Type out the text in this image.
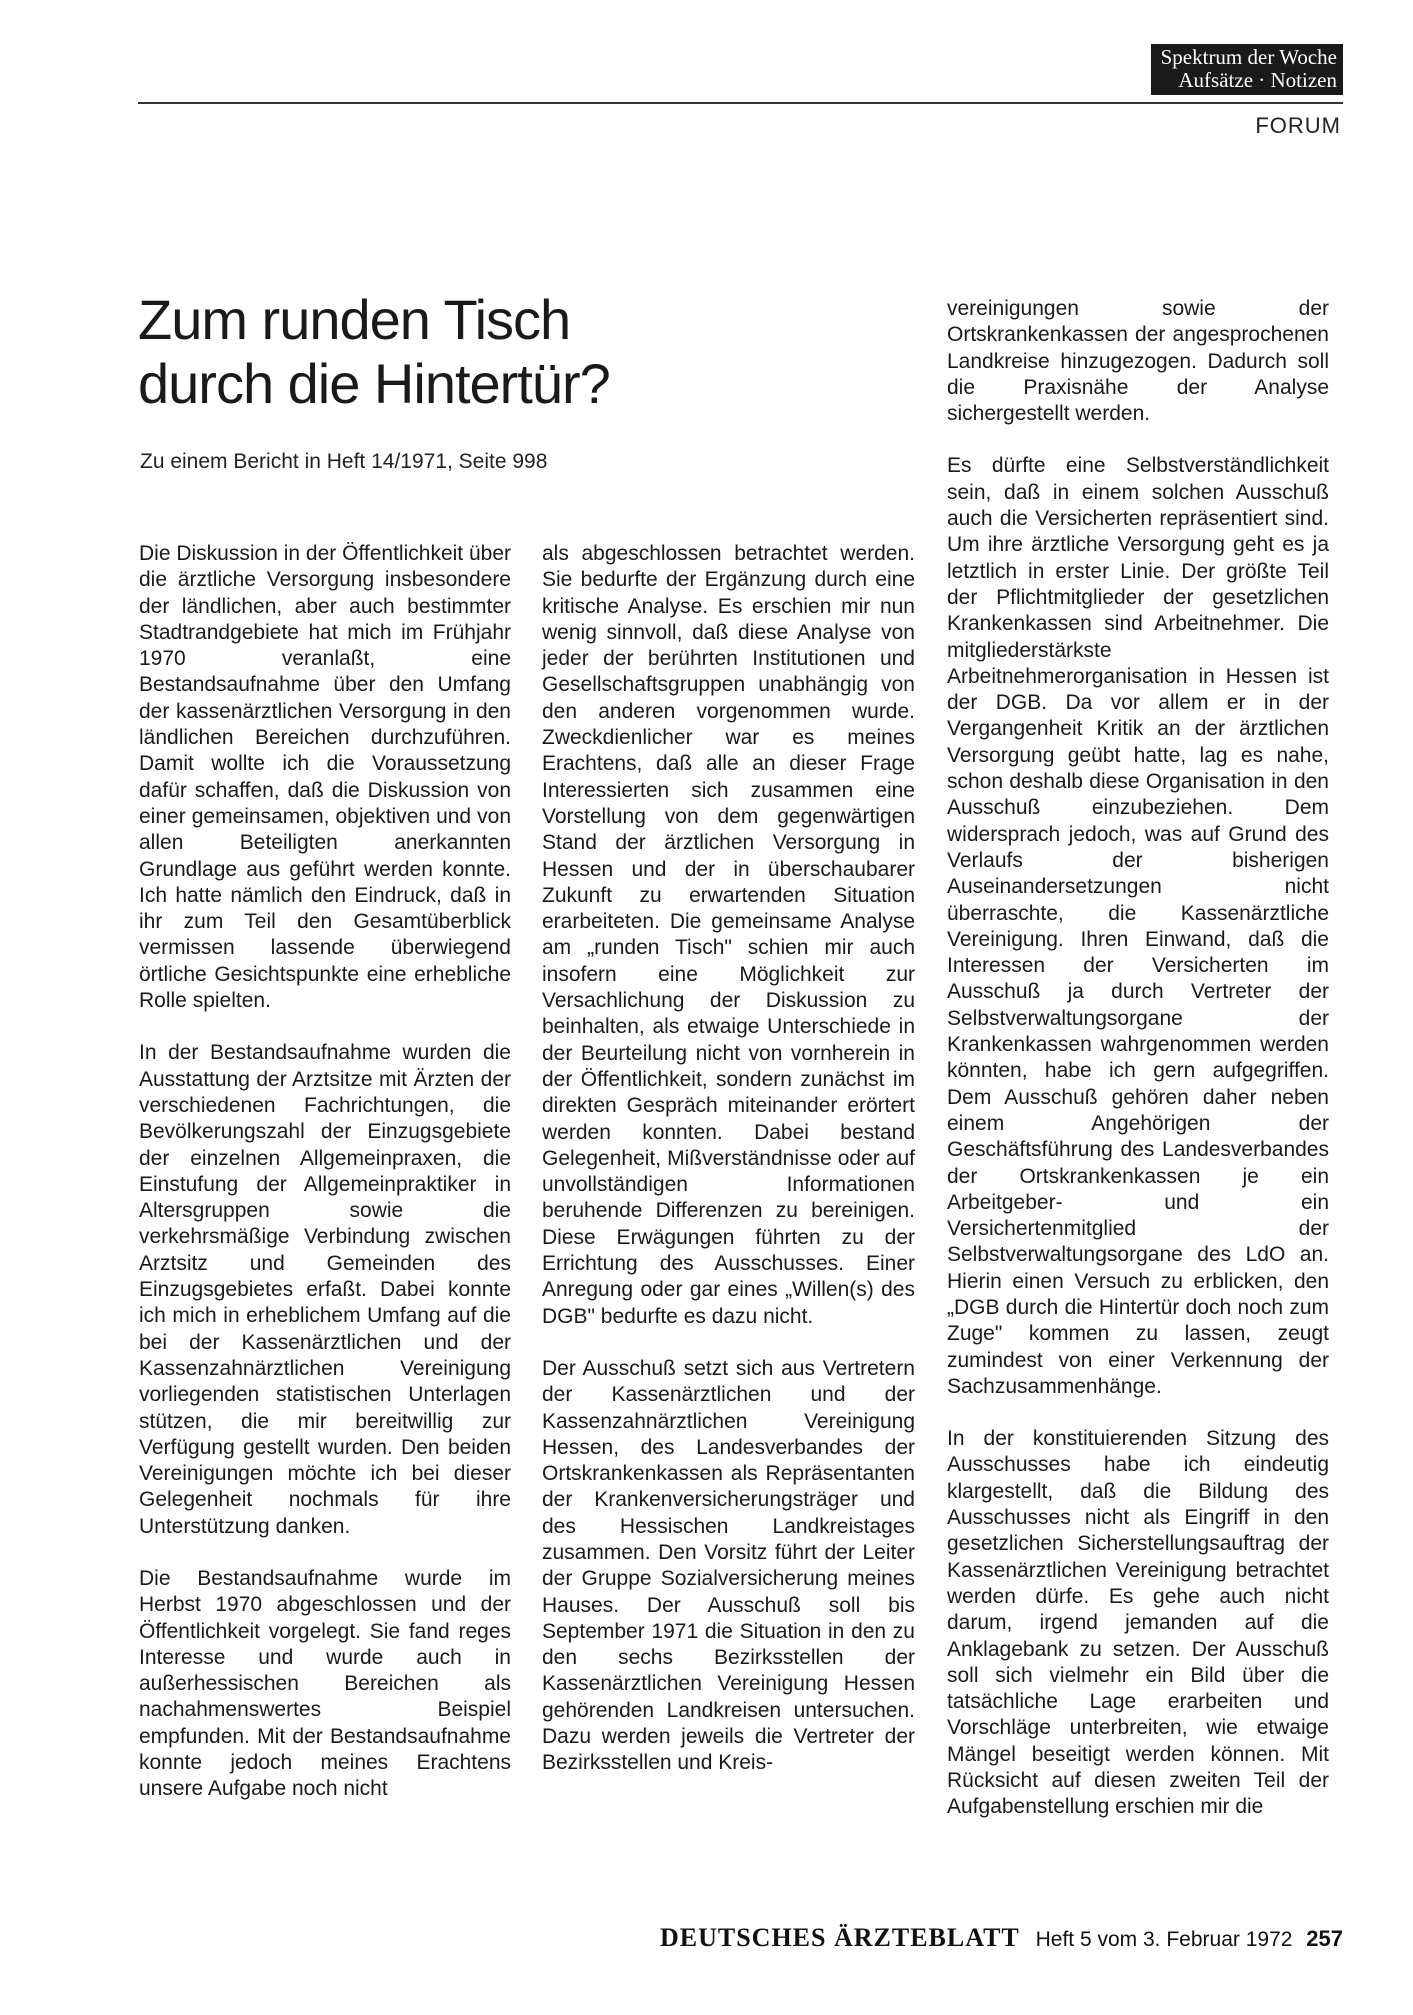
Spektrum der Woche
Aufsätze · Notizen
FORUM
Zum runden Tisch
durch die Hintertür?
Zu einem Bericht in Heft 14/1971, Seite 998

Die Diskussion in der Öffentlichkeit über die ärztliche Versorgung insbesondere der ländlichen, aber auch bestimmter Stadtrandgebiete hat mich im Frühjahr 1970 veranlaßt, eine Bestandsaufnahme über den Umfang der kassenärztlichen Versorgung in den ländlichen Bereichen durchzuführen. Damit wollte ich die Voraussetzung dafür schaffen, daß die Diskussion von einer gemeinsamen, objektiven und von allen Beteiligten anerkannten Grundlage aus geführt werden konnte. Ich hatte nämlich den Eindruck, daß in ihr zum Teil den Gesamtüberblick vermissen lassende überwiegend örtliche Gesichtspunkte eine erhebliche Rolle spielten.

In der Bestandsaufnahme wurden die Ausstattung der Arztsitze mit Ärzten der verschiedenen Fachrichtungen, die Bevölkerungszahl der Einzugsgebiete der einzelnen Allgemeinpraxen, die Einstufung der Allgemeinpraktiker in Altersgruppen sowie die verkehrsmäßige Verbindung zwischen Arztsitz und Gemeinden des Einzugsgebietes erfaßt. Dabei konnte ich mich in erheblichem Umfang auf die bei der Kassenärztlichen und der Kassenzahnärztlichen Vereinigung vorliegenden statistischen Unterlagen stützen, die mir bereitwillig zur Verfügung gestellt wurden. Den beiden Vereinigungen möchte ich bei dieser Gelegenheit nochmals für ihre Unterstützung danken.

Die Bestandsaufnahme wurde im Herbst 1970 abgeschlossen und der Öffentlichkeit vorgelegt. Sie fand reges Interesse und wurde auch in außerhessischen Bereichen als nachahmenswertes Beispiel empfunden. Mit der Bestandsaufnahme konnte jedoch meines Erachtens unsere Aufgabe noch nicht

als abgeschlossen betrachtet werden. Sie bedurfte der Ergänzung durch eine kritische Analyse. Es erschien mir nun wenig sinnvoll, daß diese Analyse von jeder der berührten Institutionen und Gesellschaftsgruppen unabhängig von den anderen vorgenommen wurde. Zweckdienlicher war es meines Erachtens, daß alle an dieser Frage Interessierten sich zusammen eine Vorstellung von dem gegenwärtigen Stand der ärztlichen Versorgung in Hessen und der in überschaubarer Zukunft zu erwartenden Situation erarbeiteten. Die gemeinsame Analyse am „runden Tisch" schien mir auch insofern eine Möglichkeit zur Versachlichung der Diskussion zu beinhalten, als etwaige Unterschiede in der Beurteilung nicht von vornherein in der Öffentlichkeit, sondern zunächst im direkten Gespräch miteinander erörtert werden konnten. Dabei bestand Gelegenheit, Mißverständnisse oder auf unvollständigen Informationen beruhende Differenzen zu bereinigen. Diese Erwägungen führten zu der Errichtung des Ausschusses. Einer Anregung oder gar eines „Willen(s) des DGB" bedurfte es dazu nicht.

Der Ausschuß setzt sich aus Vertretern der Kassenärztlichen und der Kassenzahnärztlichen Vereinigung Hessen, des Landesverbandes der Ortskrankenkassen als Repräsentanten der Krankenversicherungsträger und des Hessischen Landkreistages zusammen. Den Vorsitz führt der Leiter der Gruppe Sozialversicherung meines Hauses. Der Ausschuß soll bis September 1971 die Situation in den zu den sechs Bezirksstellen der Kassenärztlichen Vereinigung Hessen gehörenden Landkreisen untersuchen. Dazu werden jeweils die Vertreter der Bezirksstellen und Kreis-

vereinigungen sowie der Ortskrankenkassen der angesprochenen Landkreise hinzugezogen. Dadurch soll die Praxisnähe der Analyse sichergestellt werden.

Es dürfte eine Selbstverständlichkeit sein, daß in einem solchen Ausschuß auch die Versicherten repräsentiert sind. Um ihre ärztliche Versorgung geht es ja letztlich in erster Linie. Der größte Teil der Pflichtmitglieder der gesetzlichen Krankenkassen sind Arbeitnehmer. Die mitgliederstärkste Arbeitnehmerorganisation in Hessen ist der DGB. Da vor allem er in der Vergangenheit Kritik an der ärztlichen Versorgung geübt hatte, lag es nahe, schon deshalb diese Organisation in den Ausschuß einzubeziehen. Dem widersprach jedoch, was auf Grund des Verlaufs der bisherigen Auseinandersetzungen nicht überraschte, die Kassenärztliche Vereinigung. Ihren Einwand, daß die Interessen der Versicherten im Ausschuß ja durch Vertreter der Selbstverwaltungsorgane der Krankenkassen wahrgenommen werden könnten, habe ich gern aufgegriffen. Dem Ausschuß gehören daher neben einem Angehörigen der Geschäftsführung des Landesverbandes der Ortskrankenkassen je ein Arbeitgeber- und ein Versichertenmitglied der Selbstverwaltungsorgane des LdO an. Hierin einen Versuch zu erblicken, den „DGB durch die Hintertür doch noch zum Zuge" kommen zu lassen, zeugt zumindest von einer Verkennung der Sachzusammenhänge.

In der konstituierenden Sitzung des Ausschusses habe ich eindeutig klargestellt, daß die Bildung des Ausschusses nicht als Eingriff in den gesetzlichen Sicherstellungsauftrag der Kassenärztlichen Vereinigung betrachtet werden dürfe. Es gehe auch nicht darum, irgend jemanden auf die Anklagebank zu setzen. Der Ausschuß soll sich vielmehr ein Bild über die tatsächliche Lage erarbeiten und Vorschläge unterbreiten, wie etwaige Mängel beseitigt werden können. Mit Rücksicht auf diesen zweiten Teil der Aufgabenstellung erschien mir die

DEUTSCHES ÄRZTEBLATT Heft 5 vom 3. Februar 1972 257
